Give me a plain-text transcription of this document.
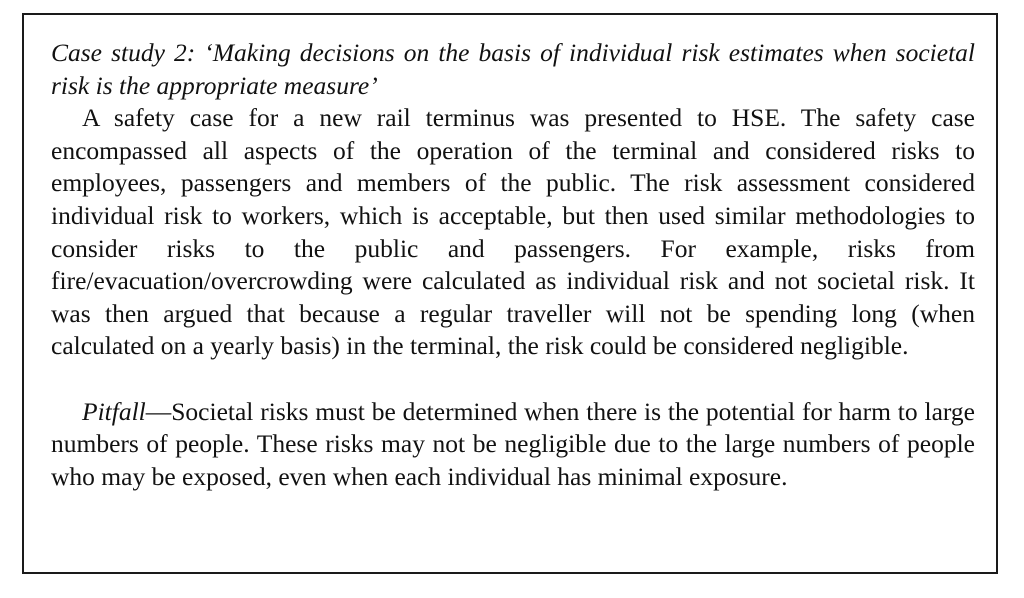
Case study 2: ‘Making decisions on the basis of individual risk estimates when societal risk is the appropriate measure’

A safety case for a new rail terminus was presented to HSE. The safety case encompassed all aspects of the operation of the terminal and considered risks to employees, passengers and members of the public. The risk assessment considered individual risk to workers, which is acceptable, but then used similar methodologies to consider risks to the public and passengers. For example, risks from fire/evacuation/overcrowding were calculated as individual risk and not societal risk. It was then argued that because a regular traveller will not be spending long (when calculated on a yearly basis) in the terminal, the risk could be considered negligible.

Pitfall—Societal risks must be determined when there is the potential for harm to large numbers of people. These risks may not be negligible due to the large numbers of people who may be exposed, even when each individual has minimal exposure.
